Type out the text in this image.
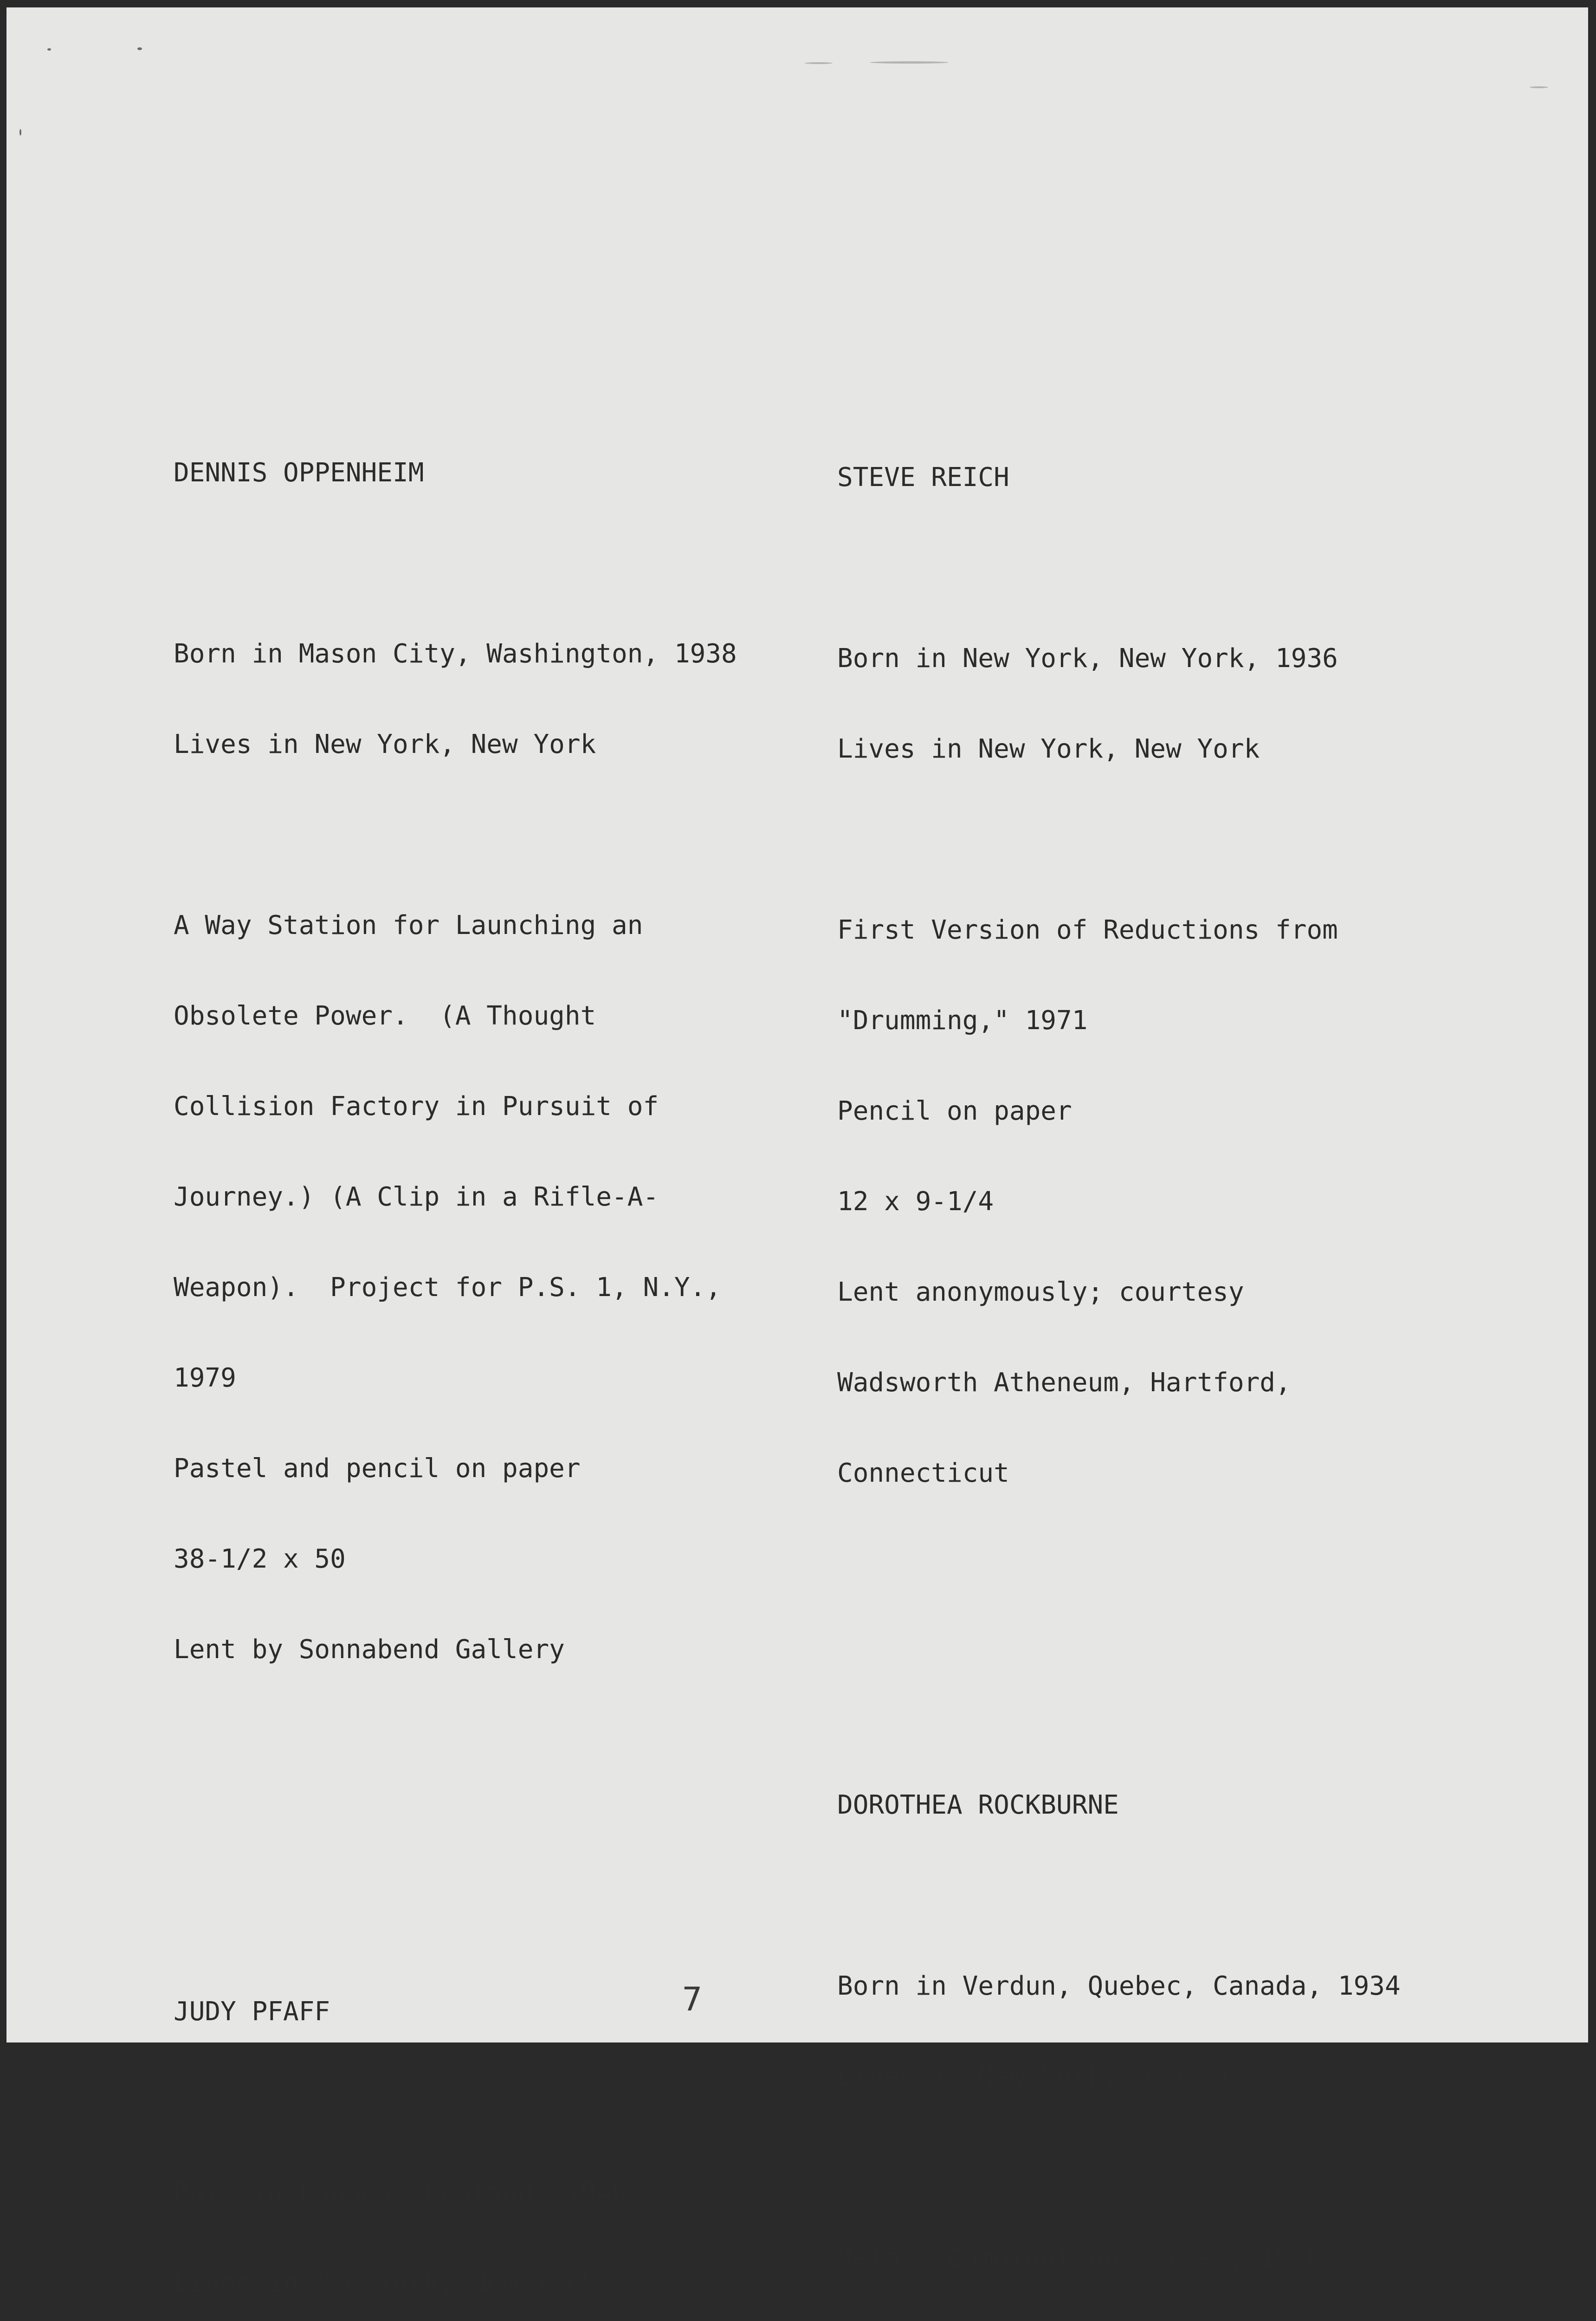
DENNIS OPPENHEIM

Born in Mason City, Washington, 1938

Lives in New York, New York

A Way Station for Launching an

Obsolete Power.  (A Thought

Collision Factory in Pursuit of

Journey.) (A Clip in a Rifle-A-

Weapon).  Project for P.S. 1, N.Y.,

1979

Pastel and pencil on paper

38-1/2 x 50

Lent by Sonnabend Gallery

JUDY PFAFF

Born in London, England, 1946

Lives in New York, New York

STEVE REICH

Born in New York, New York, 1936

Lives in New York, New York

First Version of Reductions from

"Drumming," 1971

Pencil on paper

12 x 9-1/4

Lent anonymously; courtesy

Wadsworth Atheneum, Hartford,

Connecticut

DOROTHEA ROCKBURNE

Born in Verdun, Quebec, Canada, 1934

Lives in New York, New York

Velar--Combination Series, 1978

7
